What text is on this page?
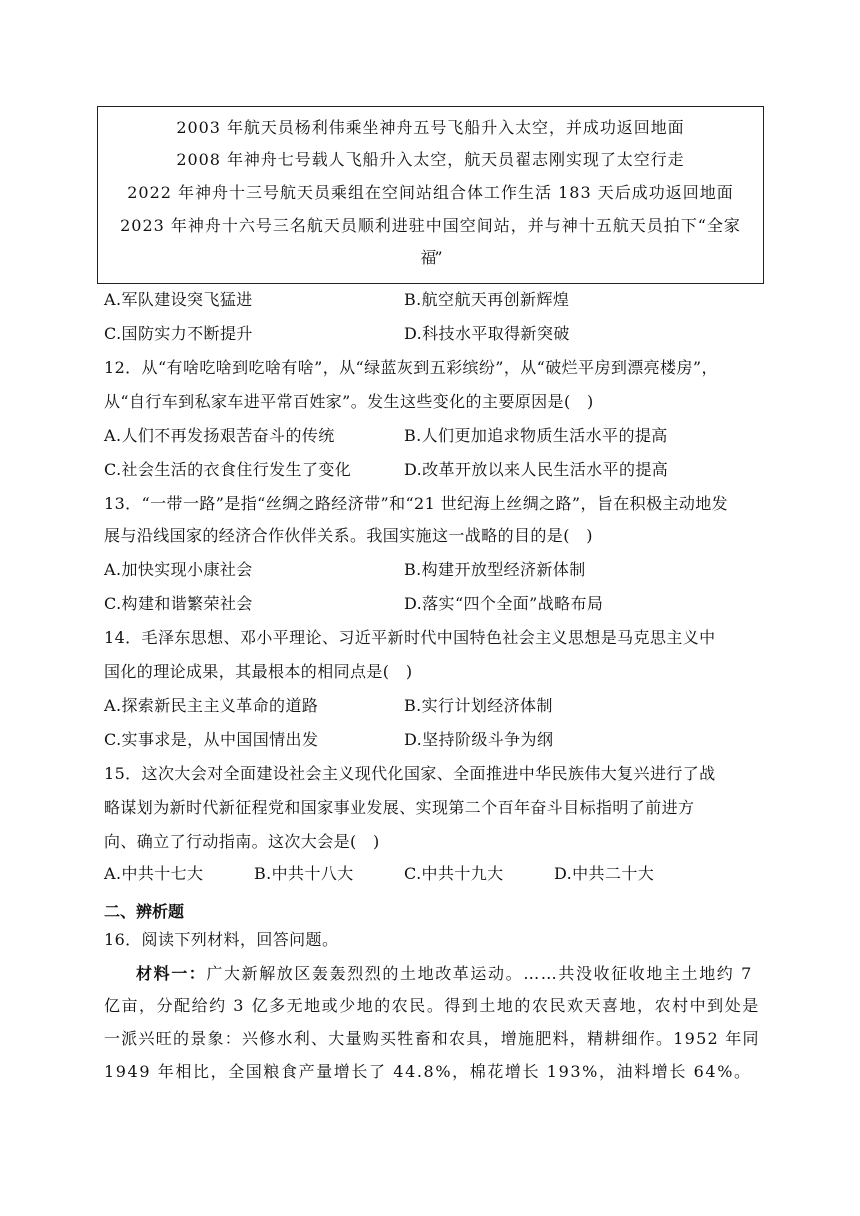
2003 年航天员杨利伟乘坐神舟五号飞船升入太空，并成功返回地面
2008 年神舟七号载人飞船升入太空，航天员翟志刚实现了太空行走
2022 年神舟十三号航天员乘组在空间站组合体工作生活 183 天后成功返回地面
2023 年神舟十六号三名航天员顺利进驻中国空间站，并与神十五航天员拍下“全家
福”
A.军队建设突飞猛进	B.航空航天再创新辉煌
C.国防实力不断提升	D.科技水平取得新突破
12．从“有啥吃啥到吃啥有啥”，从“绿蓝灰到五彩缤纷”，从“破烂平房到漂亮楼房”，
从“自行车到私家车进平常百姓家”。发生这些变化的主要原因是(　)
A.人们不再发扬艰苦奋斗的传统	B.人们更加追求物质生活水平的提高
C.社会生活的衣食住行发生了变化	D.改革开放以来人民生活水平的提高
13．“一带一路”是指“丝绸之路经济带”和“21 世纪海上丝绸之路”，旨在积极主动地发
展与沿线国家的经济合作伙伴关系。我国实施这一战略的目的是(　)
A.加快实现小康社会	B.构建开放型经济新体制
C.构建和谐繁荣社会	D.落实“四个全面”战略布局
14．毛泽东思想、邓小平理论、习近平新时代中国特色社会主义思想是马克思主义中
国化的理论成果，其最根本的相同点是(　)
A.探索新民主主义革命的道路	B.实行计划经济体制
C.实事求是，从中国国情出发	D.坚持阶级斗争为纲
15．这次大会对全面建设社会主义现代化国家、全面推进中华民族伟大复兴进行了战
略谋划为新时代新征程党和国家事业发展、实现第二个百年奋斗目标指明了前进方
向、确立了行动指南。这次大会是(　)
A.中共十七大	B.中共十八大	C.中共十九大	D.中共二十大
二、辨析题
16．阅读下列材料，回答问题。
材料一：广大新解放区轰轰烈烈的土地改革运动。……共没收征收地主土地约 7
亿亩，分配给约 3 亿多无地或少地的农民。得到土地的农民欢天喜地，农村中到处是
一派兴旺的景象：兴修水利、大量购买牲畜和农具，增施肥料，精耕细作。1952 年同
1949 年相比，全国粮食产量增长了 44.8%，棉花增长 193%，油料增长 64%。
